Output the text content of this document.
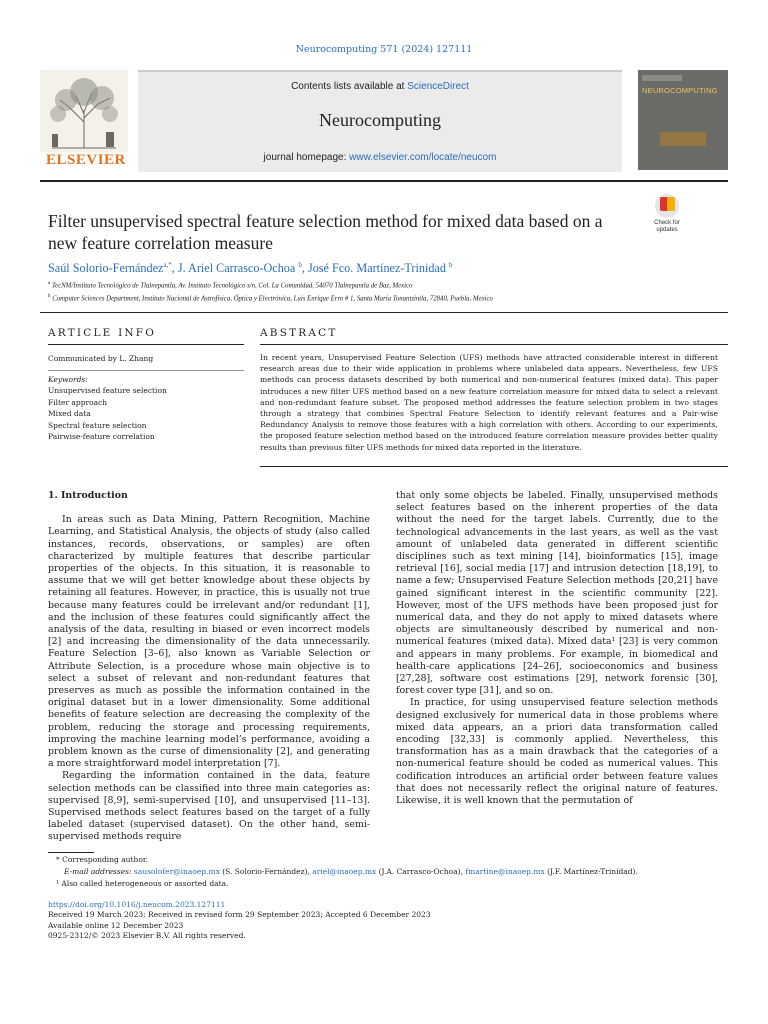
Neurocomputing 571 (2024) 127111
ELSEVIER
Contents lists available at ScienceDirect
Neurocomputing
journal homepage: www.elsevier.com/locate/neucom
NEUROCOMPUTING
Filter unsupervised spectral feature selection method for mixed data based on a new feature correlation measure
Check for updates
Saúl Solorio-Fernández$^{a,*}$, J. Ariel Carrasco-Ochoa $^b$, José Fco. Martínez-Trinidad $^b$
$^a$ TecNM/Instituto Tecnológico de Tlalnepantla, Av. Instituto Tecnológico s/n, Col. La Comunidad, 54070 Tlalnepantla de Baz, Mexico
$^b$ Computer Sciences Department, Instituto Nacional de Astrofísica, Óptica y Electrónica, Luis Enrique Erro # 1, Santa María Tonantzintla, 72840, Puebla, Mexico
ARTICLE INFO	ABSTRACT
Communicated by L. Zhang
Keywords:
Unsupervised feature selection
Filter approach
Mixed data
Spectral feature selection
Pairwise-feature correlation

In recent years, Unsupervised Feature Selection (UFS) methods have attracted considerable interest in different research areas due to their wide application in problems where unlabeled data appears. Nevertheless, few UFS methods can process datasets described by both numerical and non-numerical features (mixed data). This paper introduces a new filter UFS method based on a new feature correlation measure for mixed data to select a relevant and non-redundant feature subset. The proposed method addresses the feature selection problem in two stages through a strategy that combines Spectral Feature Selection to identify relevant features and a Pair-wise Redundancy Analysis to remove those features with a high correlation with others. According to our experiments, the proposed feature selection method based on the introduced feature correlation measure provides better quality results than previous filter UFS methods for mixed data reported in the literature.

1. Introduction

In areas such as Data Mining, Pattern Recognition, Machine Learning, and Statistical Analysis, the objects of study (also called instances, records, observations, or samples) are often characterized by multiple features that describe particular properties of the objects. In this situation, it is reasonable to assume that we will get better knowledge about these objects by retaining all features. However, in practice, this is usually not true because many features could be irrelevant and/or redundant [1], and the inclusion of these features could significantly affect the analysis of the data, resulting in biased or even incorrect models [2] and increasing the dimensionality of the data unnecessarily. Feature Selection [3–6], also known as Variable Selection or Attribute Selection, is a procedure whose main objective is to select a subset of relevant and non-redundant features that preserves as much as possible the information contained in the original dataset but in a lower dimensionality. Some additional benefits of feature selection are decreasing the complexity of the problem, reducing the storage and processing requirements, improving the machine learning model’s performance, avoiding a problem known as the curse of dimensionality [2], and generating a more straightforward model interpretation [7].

Regarding the information contained in the data, feature selection methods can be classified into three main categories as: supervised [8,9], semi-supervised [10], and unsupervised [11–13]. Supervised methods select features based on the target of a fully labeled dataset (supervised dataset). On the other hand, semi-supervised methods require

that only some objects be labeled. Finally, unsupervised methods select features based on the inherent properties of the data without the need for the target labels. Currently, due to the technological advancements in the last years, as well as the vast amount of unlabeled data generated in different scientific disciplines such as text mining [14], bioinformatics [15], image retrieval [16], social media [17] and intrusion detection [18,19], to name a few; Unsupervised Feature Selection methods [20,21] have gained significant interest in the scientific community [22]. However, most of the UFS methods have been proposed just for numerical data, and they do not apply to mixed datasets where objects are simultaneously described by numerical and non-numerical features (mixed data). Mixed data¹ [23] is very common and appears in many problems. For example, in biomedical and health-care applications [24–26], socioeconomics and business [27,28], software cost estimations [29], network forensic [30], forest cover type [31], and so on.

In practice, for using unsupervised feature selection methods designed exclusively for numerical data in those problems where mixed data appears, an a priori data transformation called encoding [32,33] is commonly applied. Nevertheless, this transformation has as a main drawback that the categories of a non-numerical feature should be coded as numerical values. This codification introduces an artificial order between feature values that does not necessarily reflect the original nature of features. Likewise, it is well known that the permutation of

* Corresponding author.
E-mail addresses: sausolofer@inaoep.mx (S. Solorio-Fernández), ariel@inaoep.mx (J.A. Carrasco-Ochoa), fmartine@inaoep.mx (J.F. Martínez-Trinidad).
¹ Also called heterogeneous or assorted data.
https://doi.org/10.1016/j.neucom.2023.127111
Received 19 March 2023; Received in revised form 29 September 2023; Accepted 6 December 2023
Available online 12 December 2023
0925-2312/© 2023 Elsevier B.V. All rights reserved.
